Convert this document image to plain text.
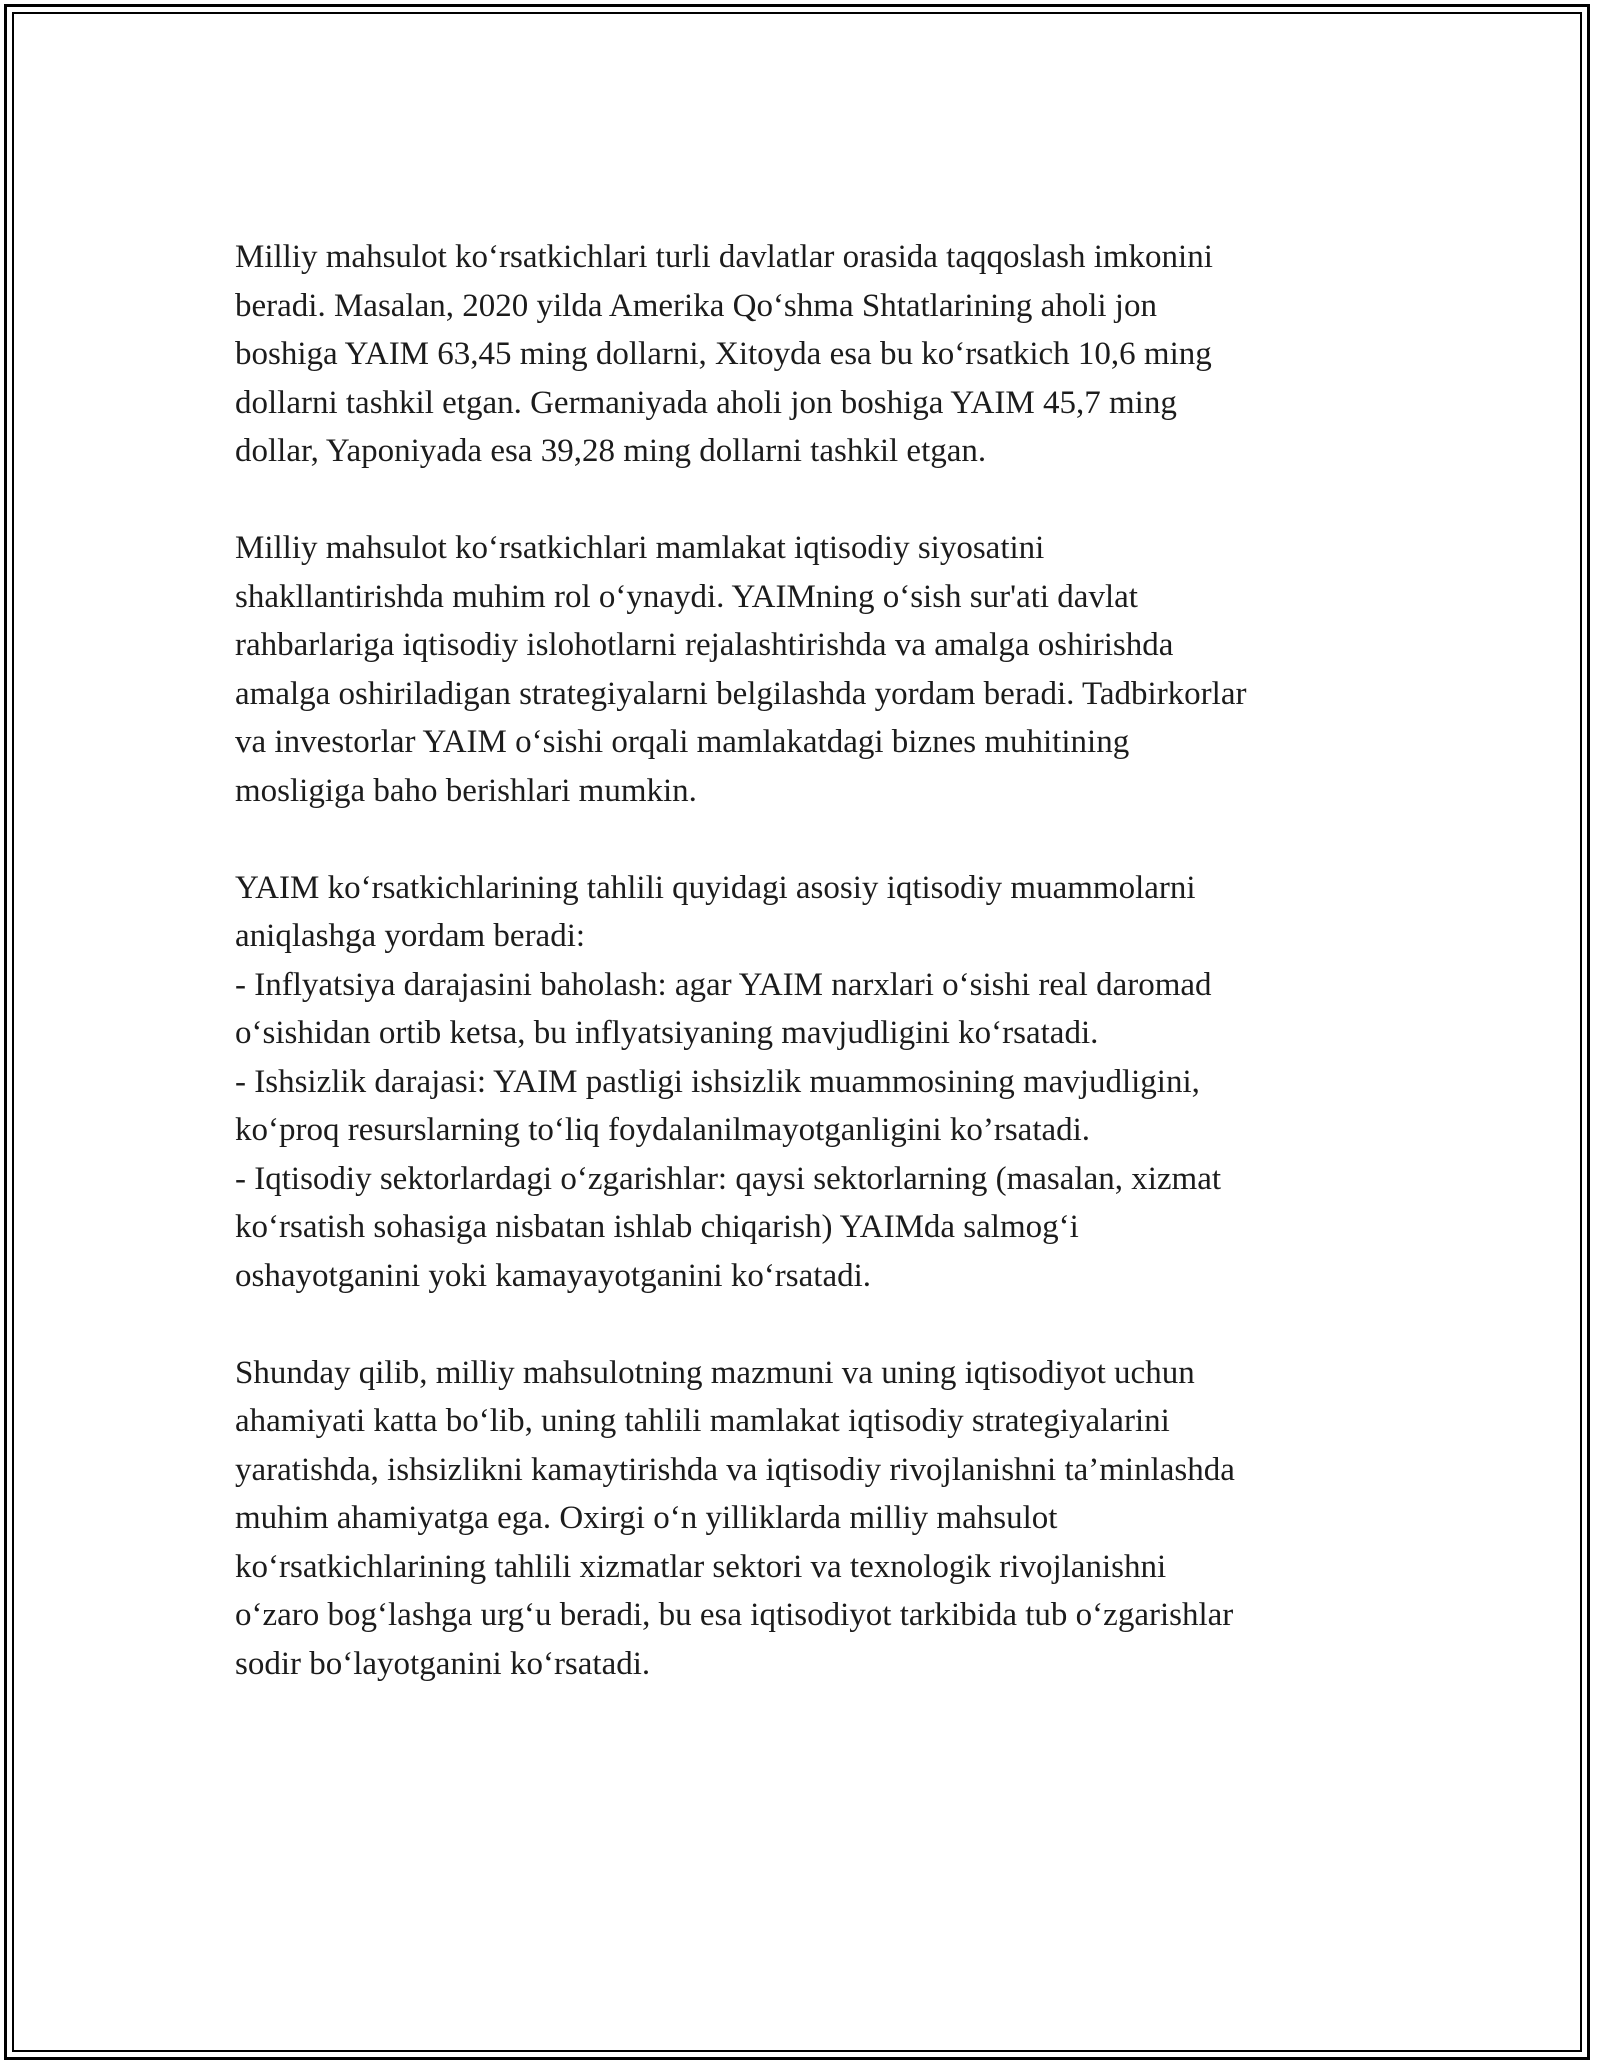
Milliy mahsulot ko‘rsatkichlari turli davlatlar orasida taqqoslash imkonini
beradi. Masalan, 2020 yilda Amerika Qo‘shma Shtatlarining aholi jon
boshiga YAIM 63,45 ming dollarni, Xitoyda esa bu ko‘rsatkich 10,6 ming
dollarni tashkil etgan. Germaniyada aholi jon boshiga YAIM 45,7 ming
dollar, Yaponiyada esa 39,28 ming dollarni tashkil etgan.

Milliy mahsulot ko‘rsatkichlari mamlakat iqtisodiy siyosatini
shakllantirishda muhim rol o‘ynaydi. YAIMning o‘sish sur'ati davlat
rahbarlariga iqtisodiy islohotlarni rejalashtirishda va amalga oshirishda
amalga oshiriladigan strategiyalarni belgilashda yordam beradi. Tadbirkorlar
va investorlar YAIM o‘sishi orqali mamlakatdagi biznes muhitining
mosligiga baho berishlari mumkin.

YAIM ko‘rsatkichlarining tahlili quyidagi asosiy iqtisodiy muammolarni
aniqlashga yordam beradi:
- Inflyatsiya darajasini baholash: agar YAIM narxlari o‘sishi real daromad
o‘sishidan ortib ketsa, bu inflyatsiyaning mavjudligini ko‘rsatadi.
- Ishsizlik darajasi: YAIM pastligi ishsizlik muammosining mavjudligini,
ko‘proq resurslarning to‘liq foydalanilmayotganligini ko’rsatadi.
- Iqtisodiy sektorlardagi o‘zgarishlar: qaysi sektorlarning (masalan, xizmat
ko‘rsatish sohasiga nisbatan ishlab chiqarish) YAIMda salmog‘i
oshayotganini yoki kamayayotganini ko‘rsatadi.

Shunday qilib, milliy mahsulotning mazmuni va uning iqtisodiyot uchun
ahamiyati katta bo‘lib, uning tahlili mamlakat iqtisodiy strategiyalarini
yaratishda, ishsizlikni kamaytirishda va iqtisodiy rivojlanishni ta’minlashda
muhim ahamiyatga ega. Oxirgi o‘n yilliklarda milliy mahsulot
ko‘rsatkichlarining tahlili xizmatlar sektori va texnologik rivojlanishni
o‘zaro bog‘lashga urg‘u beradi, bu esa iqtisodiyot tarkibida tub o‘zgarishlar
sodir bo‘layotganini ko‘rsatadi.
